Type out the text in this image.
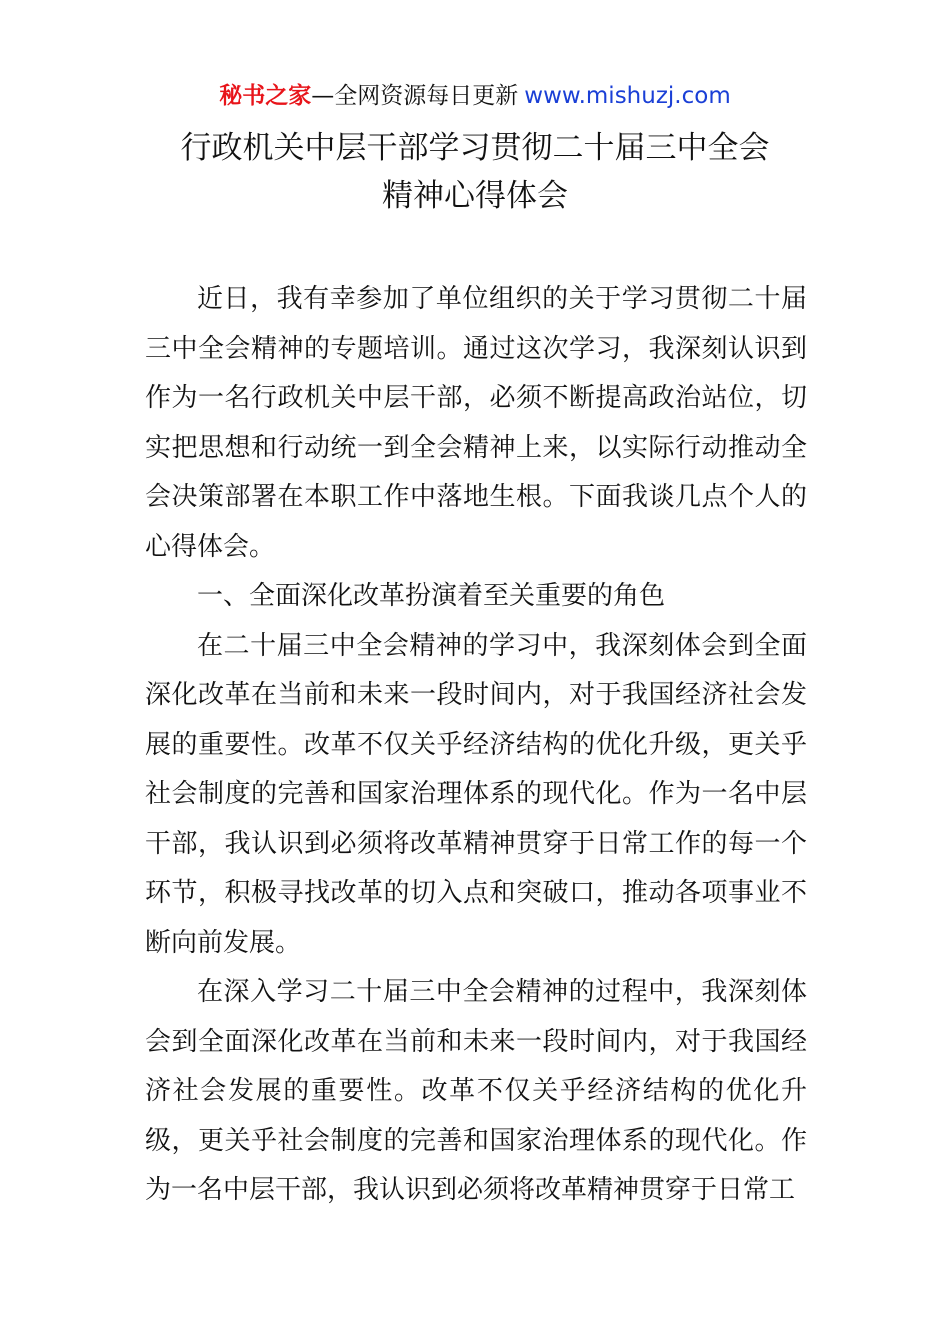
秘书之家—全网资源每日更新 www.mishuzj.com
行政机关中层干部学习贯彻二十届三中全会
精神心得体会

近日，我有幸参加了单位组织的关于学习贯彻二十届三中全会精神的专题培训。通过这次学习，我深刻认识到作为一名行政机关中层干部，必须不断提高政治站位，切实把思想和行动统一到全会精神上来，以实际行动推动全会决策部署在本职工作中落地生根。下面我谈几点个人的心得体会。

一、全面深化改革扮演着至关重要的角色

在二十届三中全会精神的学习中，我深刻体会到全面深化改革在当前和未来一段时间内，对于我国经济社会发展的重要性。改革不仅关乎经济结构的优化升级，更关乎社会制度的完善和国家治理体系的现代化。作为一名中层干部，我认识到必须将改革精神贯穿于日常工作的每一个环节，积极寻找改革的切入点和突破口，推动各项事业不断向前发展。

在深入学习二十届三中全会精神的过程中，我深刻体会到全面深化改革在当前和未来一段时间内，对于我国经济社会发展的重要性。改革不仅关乎经济结构的优化升级，更关乎社会制度的完善和国家治理体系的现代化。作为一名中层干部，我认识到必须将改革精神贯穿于日常工
